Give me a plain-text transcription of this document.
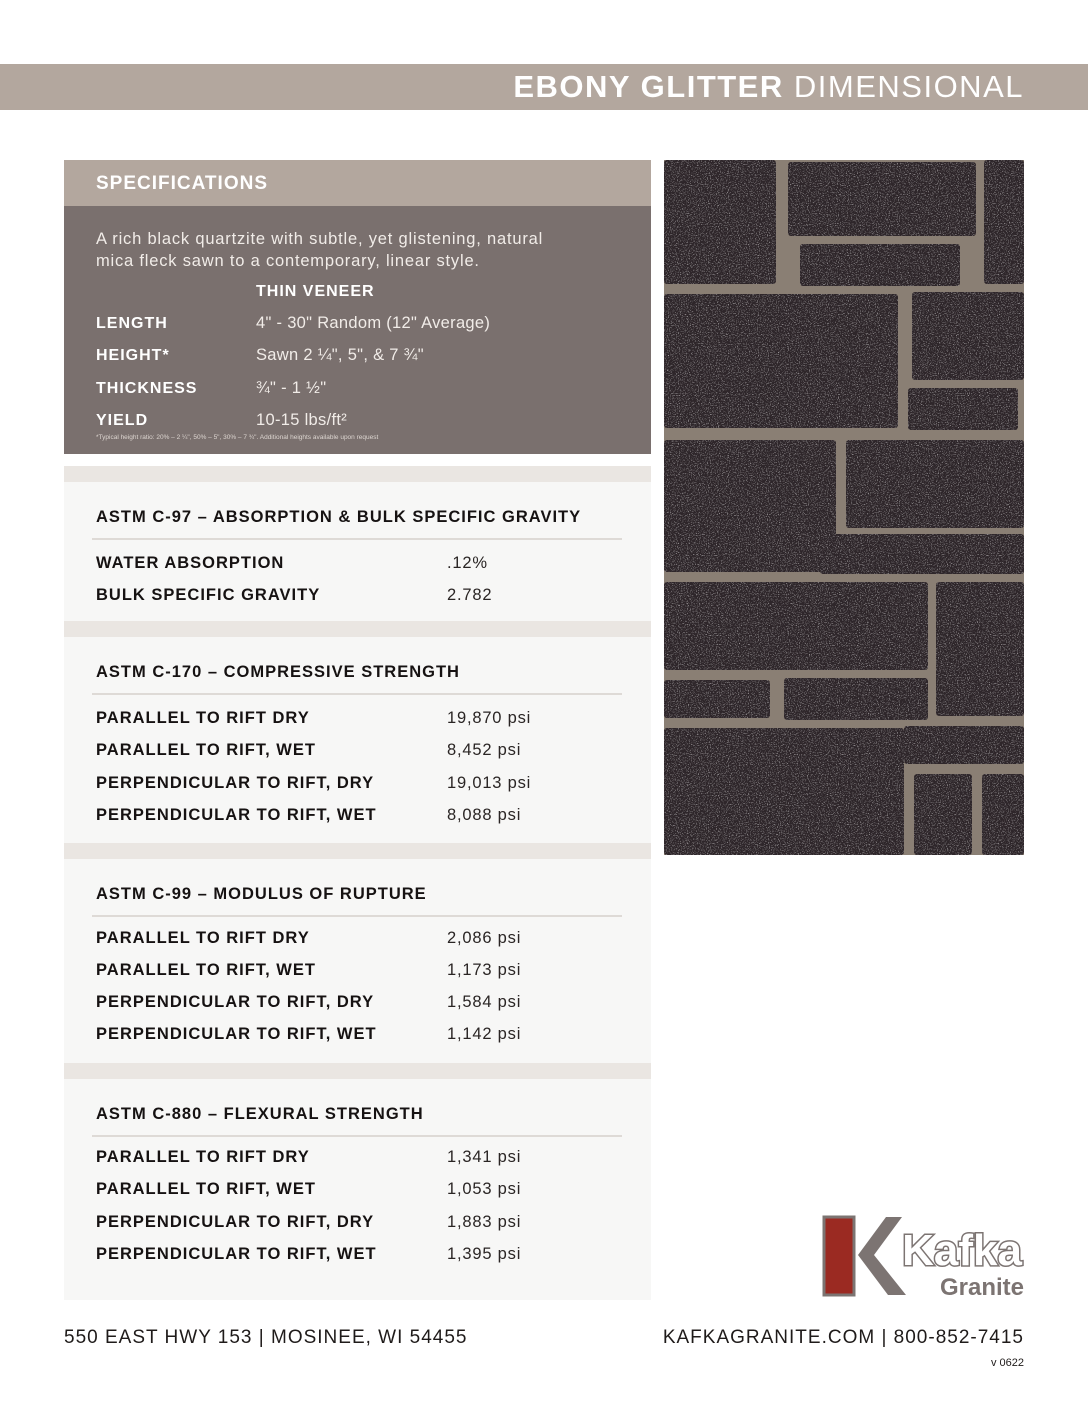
EBONY GLITTER DIMENSIONAL
SPECIFICATIONS
A rich black quartzite with subtle, yet glistening, natural
mica fleck sawn to a contemporary, linear style.
THIN VENEER
LENGTH	4" - 30" Random (12" Average)
HEIGHT*	Sawn 2 ¼", 5", & 7 ¾"
THICKNESS	¾" - 1 ½"
YIELD	10-15 lbs/ft²
*Typical height ratio: 20% – 2 ¼", 50% – 5", 30% – 7 ¾". Additional heights available upon request
ASTM C-97 – ABSORPTION & BULK SPECIFIC GRAVITY
WATER ABSORPTION	.12%
BULK SPECIFIC GRAVITY	2.782
ASTM C-170 – COMPRESSIVE STRENGTH
PARALLEL TO RIFT DRY	19,870 psi
PARALLEL TO RIFT, WET	8,452 psi
PERPENDICULAR TO RIFT, DRY	19,013 psi
PERPENDICULAR TO RIFT, WET	8,088 psi
ASTM C-99 – MODULUS OF RUPTURE
PARALLEL TO RIFT DRY	2,086 psi
PARALLEL TO RIFT, WET	1,173 psi
PERPENDICULAR TO RIFT, DRY	1,584 psi
PERPENDICULAR TO RIFT, WET	1,142 psi
ASTM C-880 – FLEXURAL STRENGTH
PARALLEL TO RIFT DRY	1,341 psi
PARALLEL TO RIFT, WET	1,053 psi
PERPENDICULAR TO RIFT, DRY	1,883 psi
PERPENDICULAR TO RIFT, WET	1,395 psi	Kafka
Granite
550 EAST HWY 153 | MOSINEE, WI 54455	KAFKAGRANITE.COM | 800-852-7415
v 0622
